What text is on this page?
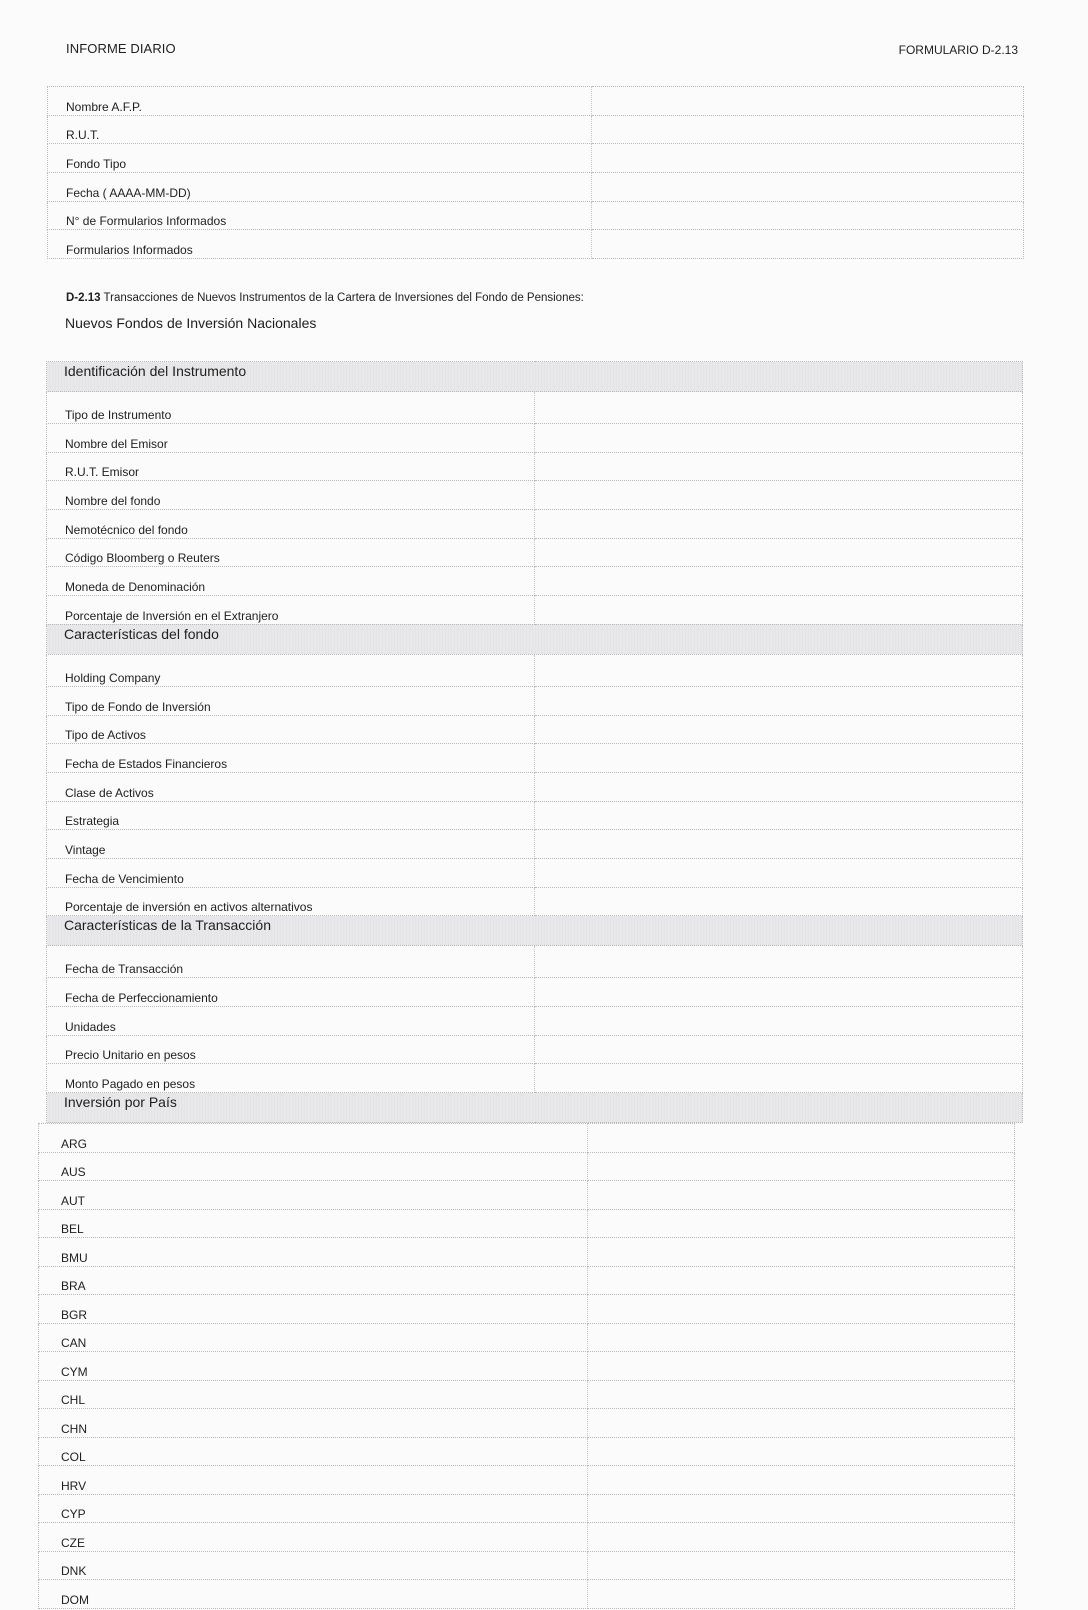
INFORME DIARIO	FORMULARIO D-2.13
Nombre A.F.P.	
R.U.T.	
Fondo Tipo	
Fecha ( AAAA-MM-DD)	
N° de Formularios Informados	
Formularios Informados	
D-2.13 Transacciones de Nuevos Instrumentos de la Cartera de Inversiones del Fondo de Pensiones:
Nuevos Fondos de Inversión Nacionales
Identificación del Instrumento	
Tipo de Instrumento	
Nombre del Emisor	
R.U.T. Emisor	
Nombre del fondo	
Nemotécnico del fondo	
Código Bloomberg o Reuters	
Moneda de Denominación	
Porcentaje de Inversión en el Extranjero	
Características del fondo	
Holding Company	
Tipo de Fondo de Inversión	
Tipo de Activos	
Fecha de Estados Financieros	
Clase de Activos	
Estrategia	
Vintage	
Fecha de Vencimiento	
Porcentaje de inversión en activos alternativos	
Características de la Transacción	
Fecha de Transacción	
Fecha de Perfeccionamiento	
Unidades	
Precio Unitario en pesos	
Monto Pagado en pesos	
Inversión por País	
ARG	
AUS	
AUT	
BEL	
BMU	
BRA	
BGR	
CAN	
CYM	
CHL	
CHN	
COL	
HRV	
CYP	
CZE	
DNK	
DOM	
